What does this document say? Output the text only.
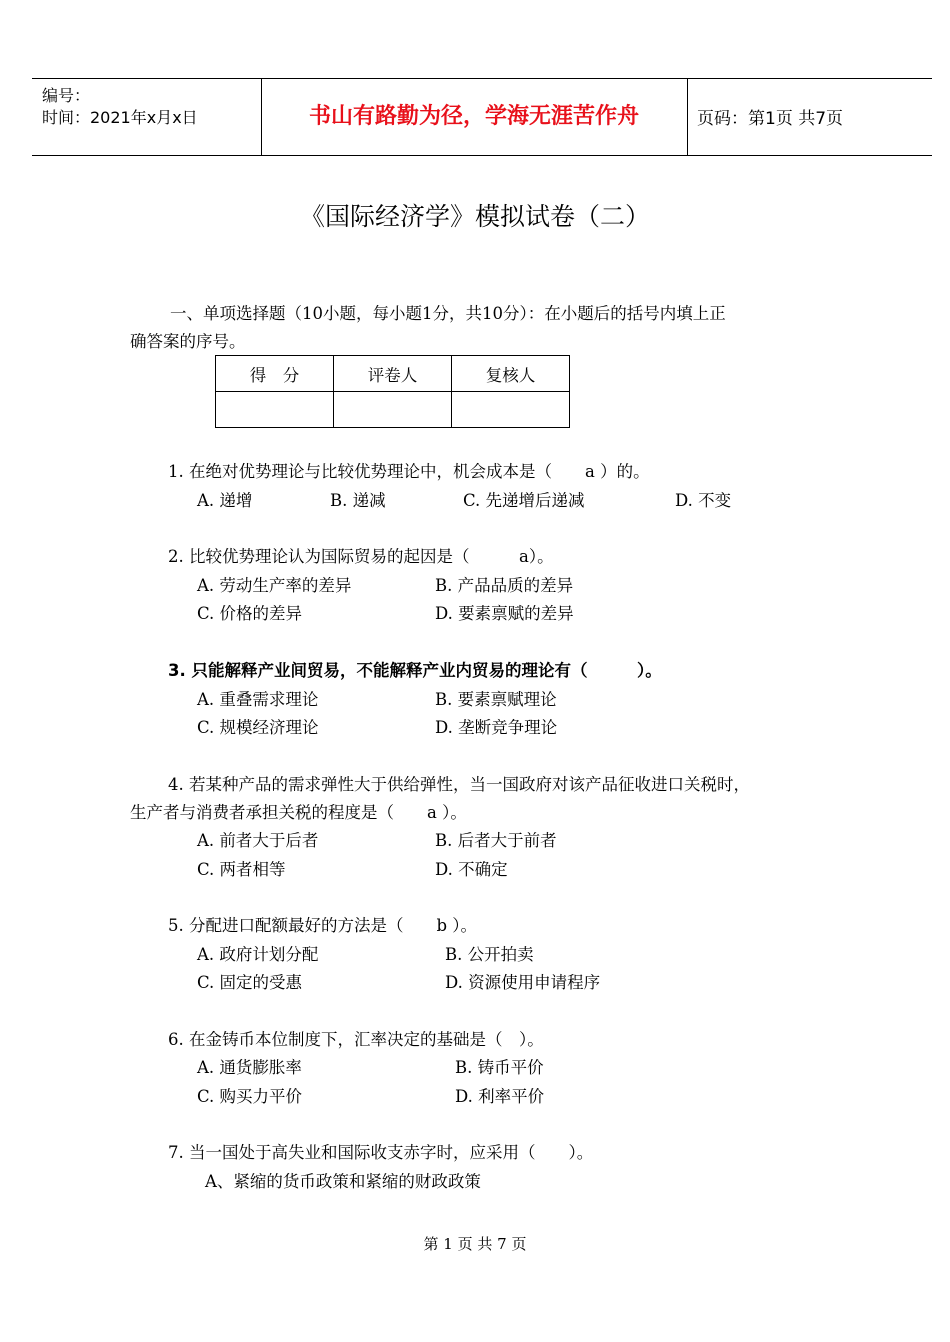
编号：
时间：2021年x月x日	书山有路勤为径，学海无涯苦作舟	页码：第1页 共7页
《国际经济学》模拟试卷（二）
一、单项选择题（10小题，每小题1分，共10分）：在小题后的括号内填上正
确答案的序号。
得　分	评卷人	复核人

1. 在绝对优势理论与比较优势理论中，机会成本是（　　a ）的。
A. 递增	B. 递减	C. 先递增后递减	D. 不变
2. 比较优势理论认为国际贸易的起因是（　　　a）。
A. 劳动生产率的差异	B. 产品品质的差异
C. 价格的差异	D. 要素禀赋的差异
3. 只能解释产业间贸易，不能解释产业内贸易的理论有（　　　）。
A. 重叠需求理论	B. 要素禀赋理论
C. 规模经济理论	D. 垄断竞争理论
4. 若某种产品的需求弹性大于供给弹性，当一国政府对该产品征收进口关税时，
生产者与消费者承担关税的程度是（　　a ）。
A. 前者大于后者	B. 后者大于前者
C. 两者相等	D. 不确定
5. 分配进口配额最好的方法是（　　b ）。
A. 政府计划分配	B. 公开拍卖
C. 固定的受惠	D. 资源使用申请程序
6. 在金铸币本位制度下，汇率决定的基础是（　）。
A. 通货膨胀率	B. 铸币平价
C. 购买力平价	D. 利率平价
7. 当一国处于高失业和国际收支赤字时，应采用（　　）。
A、紧缩的货币政策和紧缩的财政政策
第 1 页 共 7 页
